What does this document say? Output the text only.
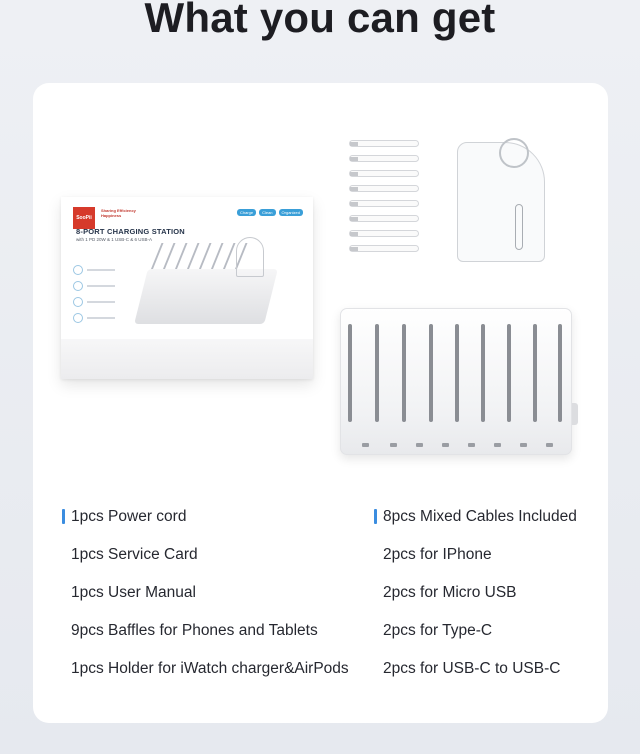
What you can get
SooPii
Sharing Efficiency Happiness
Charge	Clean	Organized
8-PORT CHARGING STATION
with 1 PD 20W & 1 USB-C & 6 USB-A
1pcs Power cord
1pcs Service Card
1pcs User Manual
9pcs Baffles for Phones and Tablets
1pcs Holder for iWatch charger&AirPods
8pcs Mixed Cables Included
2pcs for IPhone
2pcs for Micro USB
2pcs for Type-C
2pcs for USB-C to USB-C
